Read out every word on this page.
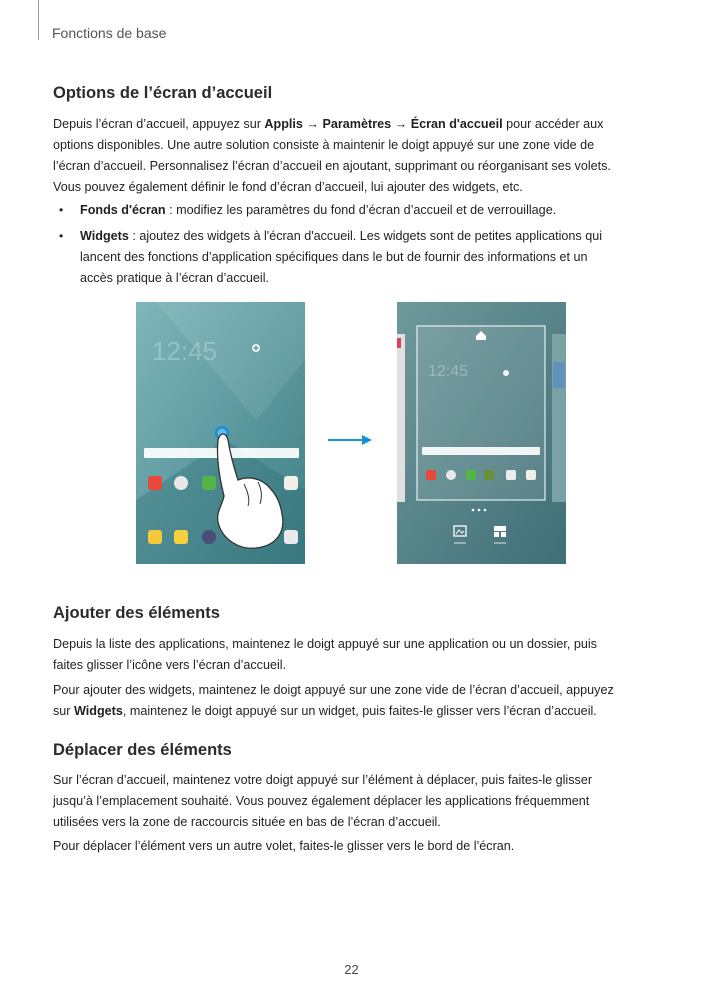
Fonctions de base
Options de l’écran d’accueil

Depuis l’écran d’accueil, appuyez sur Applis → Paramètres → Écran d'accueil pour accéder aux
options disponibles. Une autre solution consiste à maintenir le doigt appuyé sur une zone vide de
l’écran d’accueil. Personnalisez l’écran d’accueil en ajoutant, supprimant ou réorganisant ses volets.
Vous pouvez également définir le fond d’écran d’accueil, lui ajouter des widgets, etc.

• Fonds d'écran : modifiez les paramètres du fond d’écran d’accueil et de verrouillage.

• Widgets : ajoutez des widgets à l'écran d'accueil. Les widgets sont de petites applications qui
lancent des fonctions d’application spécifiques dans le but de fournir des informations et un
accès pratique à l’écran d’accueil.

12:45
12:45
Ajouter des éléments

Depuis la liste des applications, maintenez le doigt appuyé sur une application ou un dossier, puis
faites glisser l’icône vers l’écran d’accueil.

Pour ajouter des widgets, maintenez le doigt appuyé sur une zone vide de l’écran d’accueil, appuyez
sur Widgets, maintenez le doigt appuyé sur un widget, puis faites-le glisser vers l’écran d’accueil.

Déplacer des éléments

Sur l’écran d’accueil, maintenez votre doigt appuyé sur l’élément à déplacer, puis faites-le glisser
jusqu’à l’emplacement souhaité. Vous pouvez également déplacer les applications fréquemment
utilisées vers la zone de raccourcis située en bas de l’écran d’accueil.

Pour déplacer l’élément vers un autre volet, faites-le glisser vers le bord de l’écran.

22
